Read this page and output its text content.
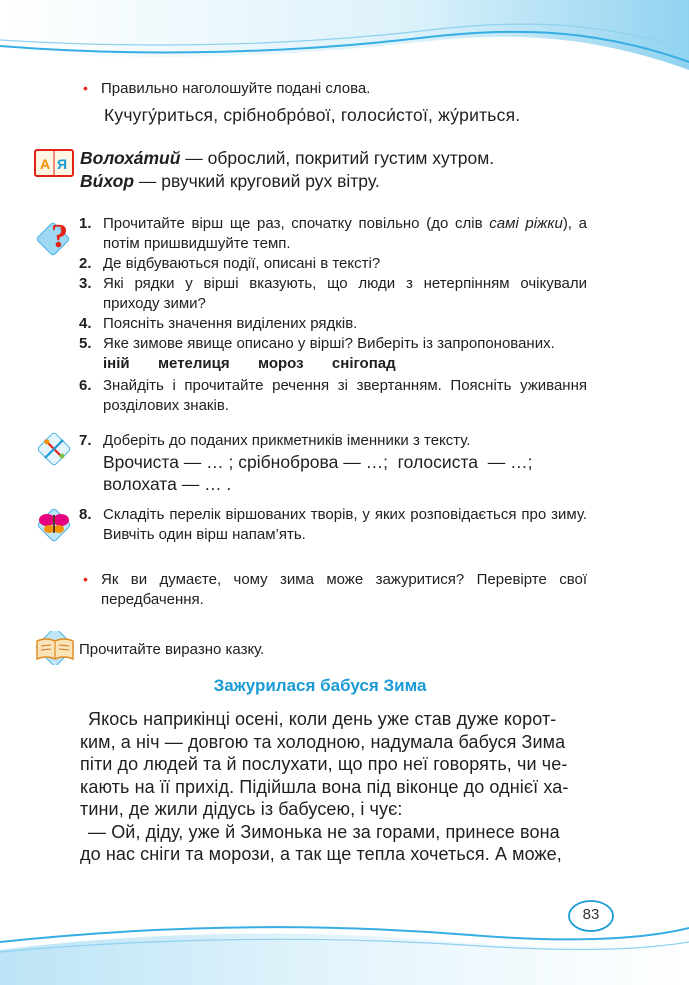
• Правильно наголошуйте подані слова.
Кучугу́риться, срібнобро́вої, голоси́стої, жу́риться.
А Я Волоха́тий — оброслий, покритий густим хутром.
Ви́хор — рвучкий круговий рух вітру.
? 1. Прочитайте вірш ще раз, спочатку повільно (до слів самі ріжки), а потім пришвидшуйте темп.
2. Де відбуваються події, описані в тексті?
3. Які рядки у вірші вказують, що люди з нетерпінням очікували приходу зими?
4. Поясніть значення виділених рядків.
5. Яке зимове явище описано у вірші? Виберіть із запропонованих.
іній  метелиця  мороз  снігопад
6. Знайдіть і прочитайте речення зі звертанням. Поясніть уживання розділових знаків.
7. Доберіть до поданих прикметників іменники з тексту.
Врочиста — … ; срібноброва — …;  голосиста  — …;
волохата — … .
8. Складіть перелік віршованих творів, у яких розповідається про зиму. Вивчіть один вірш напам’ять.
• Як ви думаєте, чому зима може зажуритися? Перевірте свої передбачення.
Прочитайте виразно казку.
Зажурилася бабуся Зима
Якось наприкінці осені, коли день уже став дуже корот-
ким, а ніч — довгою та холодною, надумала бабуся Зима
піти до людей та й послухати, що про неї говорять, чи че-
кають на її прихід. Підійшла вона під віконце до однієї ха-
тини, де жили дідусь із бабусею, і чує:
— Ой, діду, уже й Зимонька не за горами, принесе вона
до нас сніги та морози, а так ще тепла хочеться. А може,
83
